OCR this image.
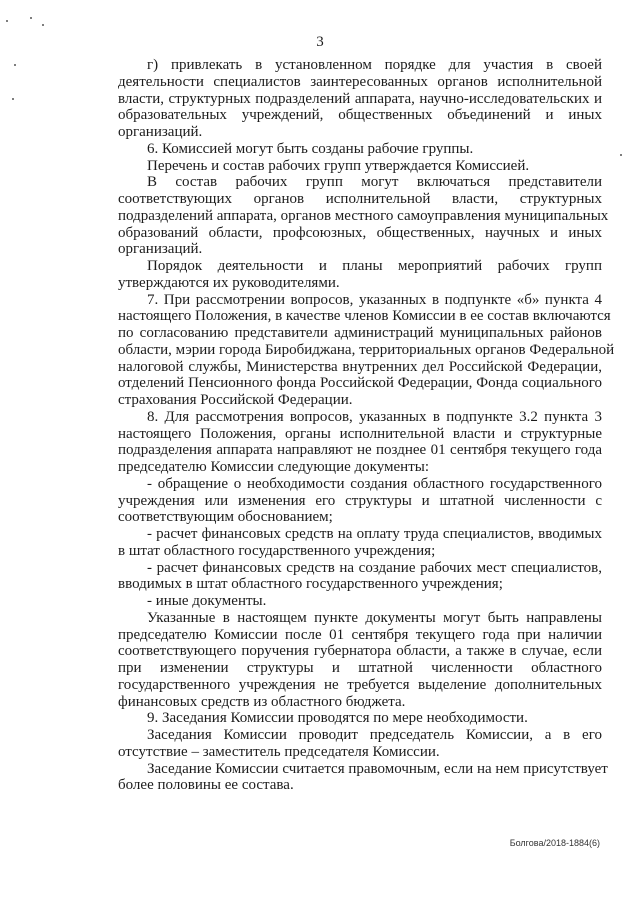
3

г) привлекать в установленном порядке для участия в своей

деятельности специалистов заинтересованных органов исполнительной

власти, структурных подразделений аппарата, научно-исследовательских и

образовательных учреждений, общественных объединений и иных

организаций.

6. Комиссией могут быть созданы рабочие группы.

Перечень и состав рабочих групп утверждается Комиссией.

В состав рабочих групп могут включаться представители

соответствующих органов исполнительной власти, структурных

подразделений аппарата, органов местного самоуправления муниципальных

образований области, профсоюзных, общественных, научных и иных

организаций.

Порядок деятельности и планы мероприятий рабочих групп

утверждаются их руководителями.

7. При рассмотрении вопросов, указанных в подпункте «б» пункта 4

настоящего Положения, в качестве членов Комиссии в ее состав включаются

по согласованию представители администраций муниципальных районов

области, мэрии города Биробиджана, территориальных органов Федеральной

налоговой службы, Министерства внутренних дел Российской Федерации,

отделений Пенсионного фонда Российской Федерации, Фонда социального

страхования Российской Федерации.

8. Для рассмотрения вопросов, указанных в подпункте 3.2 пункта 3

настоящего Положения, органы исполнительной власти и структурные

подразделения аппарата направляют не позднее 01 сентября текущего года

председателю Комиссии следующие документы:

- обращение о необходимости создания областного государственного

учреждения или изменения его структуры и штатной численности с

соответствующим обоснованием;

- расчет финансовых средств на оплату труда специалистов, вводимых

в штат областного государственного учреждения;

- расчет финансовых средств на создание рабочих мест специалистов,

вводимых в штат областного государственного учреждения;

- иные документы.

Указанные в настоящем пункте документы могут быть направлены

председателю Комиссии после 01 сентября текущего года при наличии

соответствующего поручения губернатора области, а также в случае, если

при изменении структуры и штатной численности областного

государственного учреждения не требуется выделение дополнительных

финансовых средств из областного бюджета.

9. Заседания Комиссии проводятся по мере необходимости.

Заседания Комиссии проводит председатель Комиссии, а в его

отсутствие – заместитель председателя Комиссии.

Заседание Комиссии считается правомочным, если на нем присутствует

более половины ее состава.

Болгова/2018-1884(6)
